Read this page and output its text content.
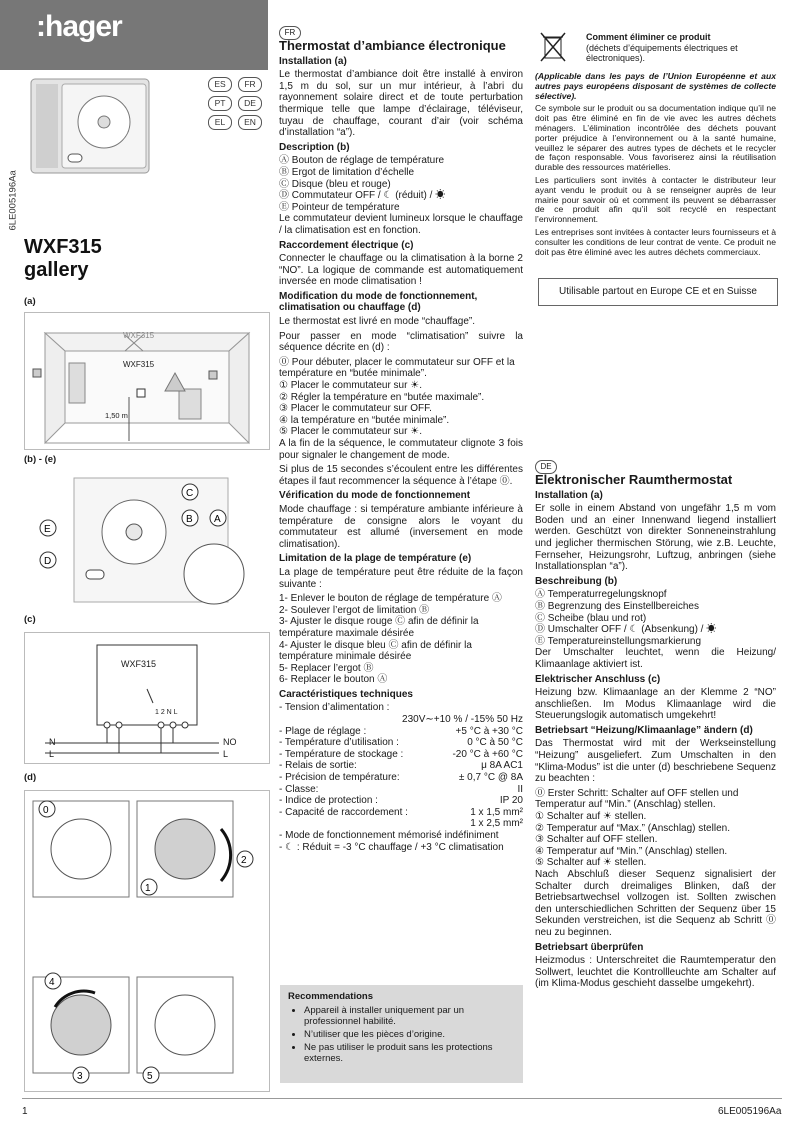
:hager
ES	FR
PT	DE
EL	EN
6LE005196Aa
WXF315
gallery
(a)
WXF315
WXF315
1,50 m
(b) - (e)
C
B A
E
D
(c)
WXF315
1 2 N L
N
L
NO
L
(d)
0
2
1
4
3	5
FR
Thermostat d’ambiance électronique
Installation (a)

Le thermostat d’ambiance doit être installé à environ 1,5 m du sol, sur un mur intérieur, à l’abri du rayonnement solaire direct et de toute perturbation thermique telle que lampe d’éclairage, téléviseur, tuyau de chauffage, courant d’air (voir schéma d’installation “a”).

Description (b)
Ⓐ Bouton de réglage de température
Ⓑ Ergot de limitation d’échelle
Ⓒ Disque (bleu et rouge)
Ⓓ Commutateur OFF / ☾ (réduit) / ☀
Ⓔ Pointeur de température

Le commutateur devient lumineux lorsque le chauffage / la climatisation est en fonction.

Raccordement électrique (c)

Connecter le chauffage ou la climatisation à la borne 2 “NO”. La logique de commande est automatiquement inversée en mode climatisation !

Modification du mode de fonctionnement, climatisation ou chauffage (d)

Le thermostat est livré en mode “chauffage”.

Pour passer en mode “climatisation” suivre la séquence décrite en (d) :

⓪ Pour débuter, placer le commutateur sur OFF et la température en “butée minimale”.
① Placer le commutateur sur ☀.
② Régler la température en “butée maximale”.
③ Placer le commutateur sur OFF.
④ la température en “butée minimale”.
⑤ Placer le commutateur sur ☀.

A la fin de la séquence, le commutateur clignote 3 fois pour signaler le changement de mode.

Si plus de 15 secondes s’écoulent entre les différentes étapes il faut recommencer la séquence à l’étape ⓪.

Vérification du mode de fonctionnement

Mode chauffage : si température ambiante inférieure à température de consigne alors le voyant du commutateur est allumé (inversement en mode climatisation).

Limitation de la plage de température (e)

La plage de température peut être réduite de la façon suivante :

1- Enlever le bouton de réglage de température Ⓐ
2- Soulever l’ergot de limitation Ⓑ
3- Ajuster le disque rouge Ⓒ afin de définir la température maximale désirée
4- Ajuster le disque bleu Ⓒ afin de définir la température minimale désirée
5- Replacer l’ergot Ⓑ
6- Replacer le bouton Ⓐ
Caractéristiques techniques
- Tension d’alimentation :
230V∼+10 % / -15% 50 Hz
- Plage de réglage :	+5 °C à +30 °C
- Température d’utilisation :	0 °C à 50 °C
- Température de stockage :	-20 °C à +60 °C
- Relais de sortie:	μ 8A AC1
- Précision de température:	± 0,7 °C @ 8A
- Classe:	II
- Indice de protection :	IP 20
- Capacité de raccordement :	1 x 1,5 mm²
1 x 2,5 mm²
- Mode de fonctionnement mémorisé indéfiniment
- ☾ : Réduit = -3 °C chauffage / +3 °C climatisation
Recommendations
• Appareil à installer uniquement par un professionnel habilité.
• N’utiliser que les pièces d’origine.
• Ne pas utiliser le produit sans les protections externes.
Comment éliminer ce produit
(déchets d’équipements électriques et électroniques).

(Applicable dans les pays de l’Union Européenne et aux autres pays européens disposant de systèmes de collecte sélective).

Ce symbole sur le produit ou sa documentation indique qu’il ne doit pas être éliminé en fin de vie avec les autres déchets ménagers. L’élimination incontrôlée des déchets pouvant porter préjudice à l’environnement ou à la santé humaine, veuillez le séparer des autres types de déchets et le recycler de façon responsable. Vous favoriserez ainsi la réutilisation durable des ressources matérielles.

Les particuliers sont invités à contacter le distributeur leur ayant vendu le produit ou à se renseigner auprès de leur mairie pour savoir où et comment ils peuvent se débarrasser de ce produit afin qu’il soit recyclé en respectant l’environnement.

Les entreprises sont invitées à contacter leurs fournisseurs et à consulter les conditions de leur contrat de vente. Ce produit ne doit pas être éliminé avec les autres déchets commerciaux.

Utilisable partout en Europe CE et en Suisse
DE
Elektronischer Raumthermostat
Installation (a)

Er solle in einem Abstand von ungefähr 1,5 m vom Boden und an einer Innenwand liegend installiert werden. Geschützt von direkter Sonneneinstrahlung und jeglicher thermischen Störung, wie z.B. Leuchte, Fernseher, Heizungsrohr, Luftzug, anbringen (siehe Installationsplan “a”).

Beschreibung (b)
Ⓐ Temperaturregelungsknopf
Ⓑ Begrenzung des Einstellbereiches
Ⓒ Scheibe (blau und rot)
Ⓓ Umschalter OFF / ☾ (Absenkung) / ☀
Ⓔ Temperatureinstellungsmarkierung

Der Umschalter leuchtet, wenn die Heizung/ Klimaanlage aktiviert ist.

Elektrischer Anschluss (c)

Heizung bzw. Klimaanlage an der Klemme 2 “NO” anschließen. Im Modus Klimaanlage wird die Steuerungslogik automatisch umgekehrt!

Betriebsart “Heizung/Klimaanlage” ändern (d)

Das Thermostat wird mit der Werkseinstellung “Heizung” ausgeliefert. Zum Umschalten in den “Klima-Modus” ist die unter (d) beschriebene Sequenz zu beachten :

⓪ Erster Schritt: Schalter auf OFF stellen und Temperatur auf “Min.” (Anschlag) stellen.
① Schalter auf ☀ stellen.
② Temperatur auf “Max.” (Anschlag) stellen.
③ Schalter auf OFF stellen.
④ Temperatur auf “Min.” (Anschlag) stellen.
⑤ Schalter auf ☀ stellen.

Nach Abschluß dieser Sequenz signalisiert der Schalter durch dreimaliges Blinken, daß der Betriebsartwechsel vollzogen ist. Sollten zwischen den unterschiedlichen Schritten der Sequenz über 15 Sekunden verstreichen, ist die Sequenz ab Schritt ⓪ neu zu beginnen.

Betriebsart überprüfen

Heizmodus : Unterschreitet die Raumtemperatur den Sollwert, leuchtet die Kontrollleuchte am Schalter auf (im Klima-Modus geschieht dasselbe umgekehrt).

1	6LE005196Aa
